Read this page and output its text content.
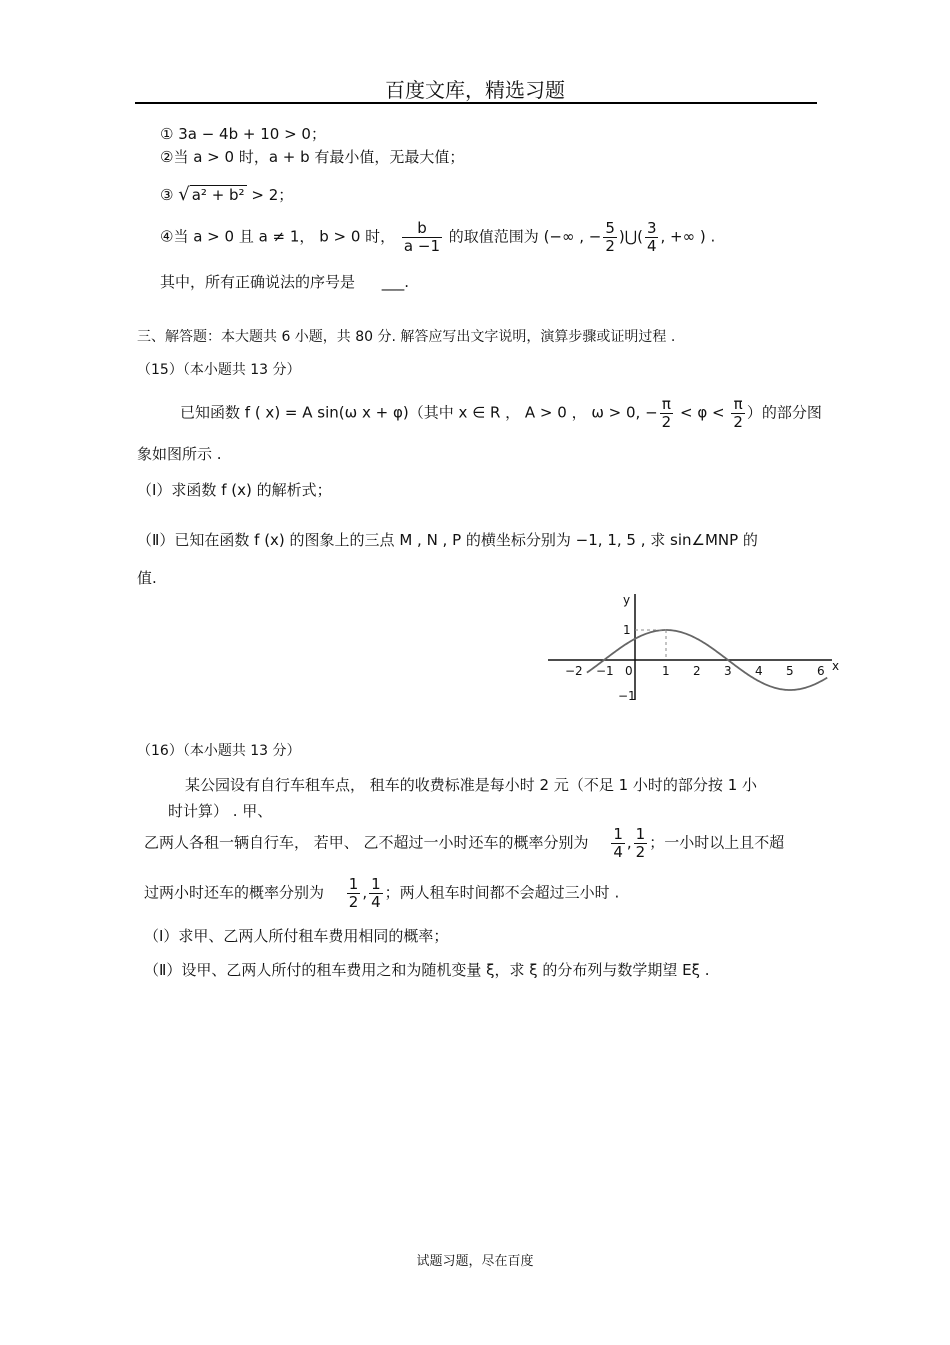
百度文库，精选习题
① 3a − 4b + 10 > 0；
②当 a > 0 时，a + b 有最小值，无最大值；
③ √ a² + b² > 2；
④当 a > 0 且 a ≠ 1， b > 0 时， $\frac{b}{a -1}$ 的取值范围为 (−∞ , − $\frac{5}{2}$ )⋃( $\frac{3}{4}$ , +∞ ) .
其中，所有正确说法的序号是 ___.
三、解答题：本大题共 6 小题，共 80 分. 解答应写出文字说明，演算步骤或证明过程 .
（15）（本小题共 13 分）
已知函数 f ( x) = A sin(ω x + φ)（其中 x ∈ R ， A > 0 ， ω > 0, − $\frac{\pi}{2} < \varphi < \frac{\pi}{2}$ ）的部分图
象如图所示 .
（Ⅰ）求函数 f (x) 的解析式；
（Ⅱ）已知在函数 f (x) 的图象上的三点 M , N , P 的横坐标分别为 −1, 1, 5 , 求 sin∠MNP 的
值.
x
y
−2 −1 0 1 2 3 4 5 6
1
−1
（16）（本小题共 13 分）
某公园设有自行车租车点， 租车的收费标准是每小时 2 元（不足 1 小时的部分按 1 小
时计算） . 甲、
乙两人各租一辆自行车， 若甲、 乙不超过一小时还车的概率分别为 $\frac{1}{4}$ , $\frac{1}{2}$ ；一小时以上且不超
过两小时还车的概率分别为 $\frac{1}{2}$ , $\frac{1}{4}$ ；两人租车时间都不会超过三小时 .
（Ⅰ）求甲、乙两人所付租车费用相同的概率；
（Ⅱ）设甲、乙两人所付的租车费用之和为随机变量 ξ，求 ξ 的分布列与数学期望 Eξ .
试题习题，尽在百度
